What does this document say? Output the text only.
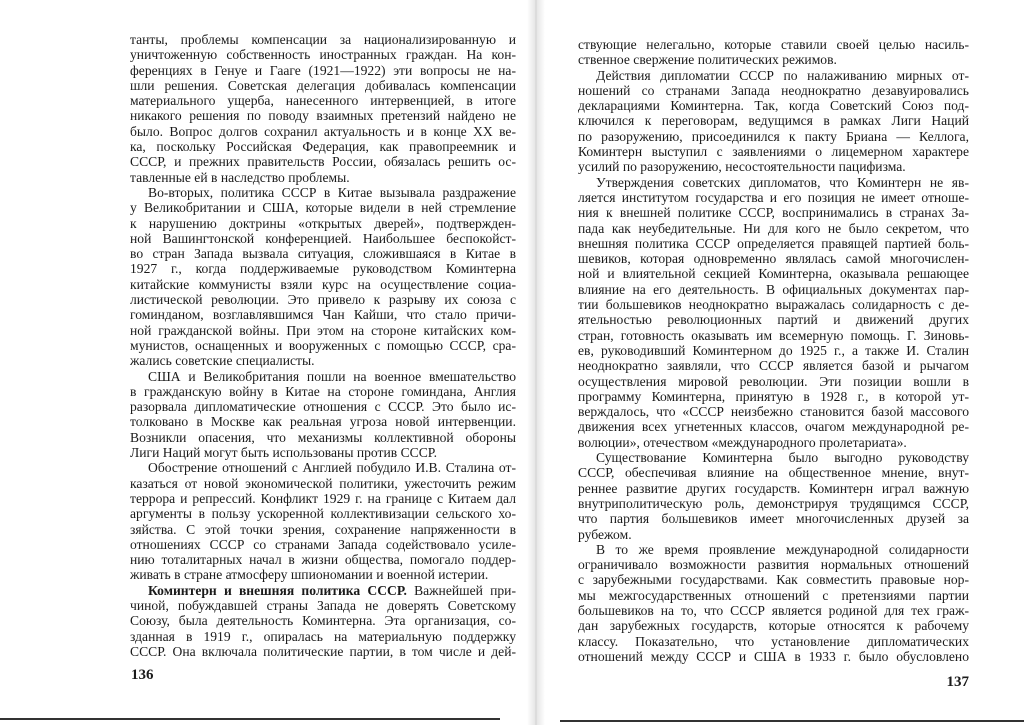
танты, проблемы компенсации за национализированную и
уничтоженную собственность иностранных граждан. На кон-
ференциях в Генуе и Гааге (1921—1922) эти вопросы не на-
шли решения. Советская делегация добивалась компенсации
материального ущерба, нанесенного интервенцией, в итоге
никакого решения по поводу взаимных претензий найдено не
было. Вопрос долгов сохранил актуальность и в конце XX ве-
ка, поскольку Российская Федерация, как правопреемник и
СССР, и прежних правительств России, обязалась решить ос-
тавленные ей в наследство проблемы.
Во-вторых, политика СССР в Китае вызывала раздражение
у Великобритании и США, которые видели в ней стремление
к нарушению доктрины «открытых дверей», подтвержден-
ной Вашингтонской конференцией. Наибольшее беспокойст-
во стран Запада вызвала ситуация, сложившаяся в Китае в
1927 г., когда поддерживаемые руководством Коминтерна
китайские коммунисты взяли курс на осуществление социа-
листической революции. Это привело к разрыву их союза с
гоминданом, возглавлявшимся Чан Кайши, что стало причи-
ной гражданской войны. При этом на стороне китайских ком-
мунистов, оснащенных и вооруженных с помощью СССР, сра-
жались советские специалисты.
США и Великобритания пошли на военное вмешательство
в гражданскую войну в Китае на стороне гоминдана, Англия
разорвала дипломатические отношения с СССР. Это было ис-
толковано в Москве как реальная угроза новой интервенции.
Возникли опасения, что механизмы коллективной обороны
Лиги Наций могут быть использованы против СССР.
Обострение отношений с Англией побудило И.В. Сталина от-
казаться от новой экономической политики, ужесточить режим
террора и репрессий. Конфликт 1929 г. на границе с Китаем дал
аргументы в пользу ускоренной коллективизации сельского хо-
зяйства. С этой точки зрения, сохранение напряженности в
отношениях СССР со странами Запада содействовало усиле-
нию тоталитарных начал в жизни общества, помогало поддер-
живать в стране атмосферу шпиономании и военной истерии.
Коминтерн и внешняя политика СССР. Важнейшей при-
чиной, побуждавшей страны Запада не доверять Советскому
Союзу, была деятельность Коминтерна. Эта организация, со-
зданная в 1919 г., опиралась на материальную поддержку
СССР. Она включала политические партии, в том числе и дей-
136
ствующие нелегально, которые ставили своей целью насиль-
ственное свержение политических режимов.
Действия дипломатии СССР по налаживанию мирных от-
ношений со странами Запада неоднократно дезавуировались
декларациями Коминтерна. Так, когда Советский Союз под-
ключился к переговорам, ведущимся в рамках Лиги Наций
по разоружению, присоединился к пакту Бриана — Келлога,
Коминтерн выступил с заявлениями о лицемерном характере
усилий по разоружению, несостоятельности пацифизма.
Утверждения советских дипломатов, что Коминтерн не яв-
ляется институтом государства и его позиция не имеет отноше-
ния к внешней политике СССР, воспринимались в странах За-
пада как неубедительные. Ни для кого не было секретом, что
внешняя политика СССР определяется правящей партией боль-
шевиков, которая одновременно являлась самой многочислен-
ной и влиятельной секцией Коминтерна, оказывала решающее
влияние на его деятельность. В официальных документах пар-
тии большевиков неоднократно выражалась солидарность с де-
ятельностью революционных партий и движений других
стран, готовность оказывать им всемерную помощь. Г. Зиновь-
ев, руководивший Коминтерном до 1925 г., а также И. Сталин
неоднократно заявляли, что СССР является базой и рычагом
осуществления мировой революции. Эти позиции вошли в
программу Коминтерна, принятую в 1928 г., в которой ут-
верждалось, что «СССР неизбежно становится базой массового
движения всех угнетенных классов, очагом международной ре-
волюции», отечеством «международного пролетариата».
Существование Коминтерна было выгодно руководству
СССР, обеспечивая влияние на общественное мнение, внут-
реннее развитие других государств. Коминтерн играл важную
внутриполитическую роль, демонстрируя трудящимся СССР,
что партия большевиков имеет многочисленных друзей за
рубежом.
В то же время проявление международной солидарности
ограничивало возможности развития нормальных отношений
с зарубежными государствами. Как совместить правовые нор-
мы межгосударственных отношений с претензиями партии
большевиков на то, что СССР является родиной для тех граж-
дан зарубежных государств, которые относятся к рабочему
классу. Показательно, что установление дипломатических
отношений между СССР и США в 1933 г. было обусловлено
137
